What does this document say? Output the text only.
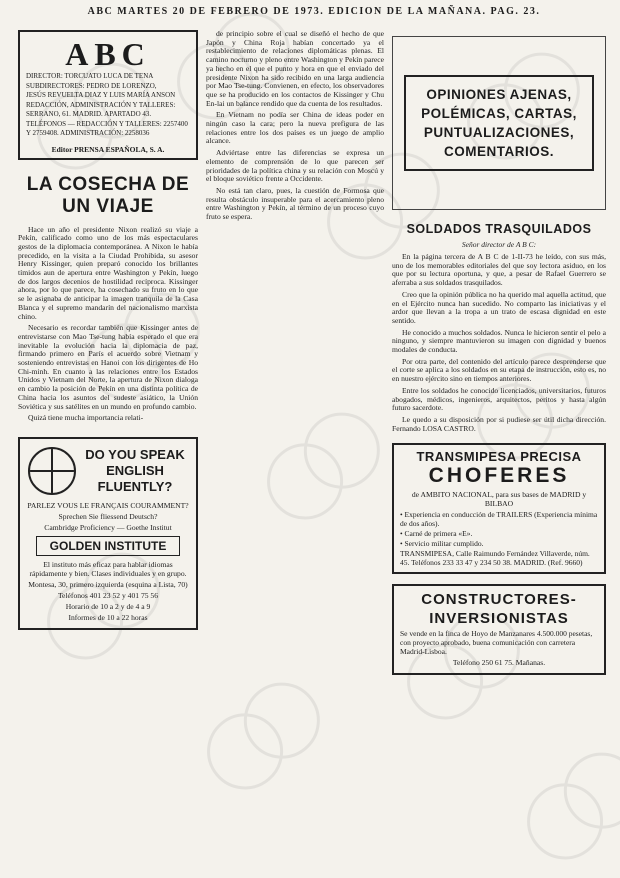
ABC MARTES 20 DE FEBRERO DE 1973. EDICION DE LA MAÑANA. PAG. 23.
ABC
DIRECTOR: TORCUATO LUCA DE TENA
SUBDIRECTORES: PEDRO DE LORENZO,
JESÚS REVUELTA DIAZ Y LUIS MARÍA ANSON
REDACCIÓN, ADMINISTRACIÓN Y TALLERES: SERRANO, 61. MADRID. APARTADO 43.
TELÉFONOS — REDACCIÓN Y TALLERES: 2257400 Y 2759408. ADMINISTRACIÓN: 2258036
Editor PRENSA ESPAÑOLA, S. A.
LA COSECHA DE UN VIAJE

Hace un año el presidente Nixon realizó su viaje a Pekín, calificado como uno de los más espectaculares gestos de la diplomacia contemporánea. A Nixon le había precedido, en la visita a la Ciudad Prohibida, su asesor Henry Kissinger, quien preparó conocido los brillantes tímidos aun de apertura entre Washington y Pekín, luego de dos largos decenios de hostilidad recíproca. Kissinger ahora, por lo que parece, ha cosechado su fruto en lo que se le asignaba de anticipar la imagen tranquila de la Casa Blanca y el supremo mandarín del nacionalismo marxista chino.

Necesario es recordar también que Kissinger antes de entrevistarse con Mao Tse-tung había esperado el que era inevitable la evolución hacia la diplomacia de paz, firmando primero en París el acuerdo sobre Vietnam y sosteniendo entrevistas en Hanoi con los dirigentes de Ho Chi-minh. En cuanto a las relaciones entre los Estados Unidos y Vietnam del Norte, la apertura de Nixon dialoga en cambio la posición de Pekín en una distinta política de China hacia los asuntos del sudeste asiático, la Unión Soviética y sus satélites en un mundo en profundo cambio.

Quizá tiene mucha importancia relati-

DO YOU SPEAK ENGLISH FLUENTLY?
PARLEZ VOUS LE FRANÇAIS COURAMMENT?
Sprechen Sie fliessend Deutsch?
Cambridge Proficiency — Goethe Institut
GOLDEN INSTITUTE
El instituto más eficaz para hablar idiomas rápidamente y bien. Clases individuales y en grupo.
Montesa, 30, primero izquierda (esquina a Lista, 70)
Teléfonos 401 23 52 y 401 75 56
Horario de 10 a 2 y de 4 a 9
Informes de 10 a 22 horas

de principio sobre el cual se diseñó el hecho de que Japón y China Roja habían concertado ya el restablecimiento de relaciones diplomáticas plenas. El camino nocturno y pleno entre Washington y Pekín parece ya hecho en el que el punto y hora en que el enviado del presidente Nixon ha sido recibido en una larga audiencia por Mao Tse-tung. Convienen, en efecto, los observadores que se ha producido en los contactos de Kissinger y Chu En-lai un balance rendido que da cuenta de los resultados.

En Vietnam no podía ser China de ideas poder en ningún caso la cara; pero la nueva prefigura de las relaciones entre los dos países es un juego de amplio alcance.

Adviértase entre las diferencias se expresa un elemento de comprensión de lo que parecen ser prioridades de la política china y su relación con Moscú y el bloque soviético frente a Occidente.

No está tan claro, pues, la cuestión de Formosa que resulta obstáculo insuperable para el acercamiento pleno entre Washington y Pekín, al término de un proceso cuyo fruto se espera.

OPINIONES AJENAS, POLÉMICAS, CARTAS, PUNTUALIZACIONES, COMENTARIOS.
SOLDADOS TRASQUILADOS
Señor director de A B C:

En la página tercera de A B C de 1-II-73 he leído, con sus más, uno de los memorables editoriales del que soy lectora asiduo, en los que por su lectura oportuna, y que, a pesar de Rafael Guerrero se aferraba a sus soldados trasquilados.

Creo que la opinión pública no ha querido mal aquella actitud, que en el Ejército nunca han sucedido. No comparto las iniciativas y el ardor que llevan a la tropa a un trato de escasa dignidad en este sentido.

He conocido a muchos soldados. Nunca le hicieron sentir el pelo a ninguno, y siempre mantuvieron su imagen con dignidad y buenos modales de conducta.

Por otra parte, del contenido del artículo parece desprenderse que el corte se aplica a los soldados en su etapa de instrucción, esto es, no en nuestro ejército sino en tiempos anteriores.

Entre los soldados he conocido licenciados, universitarios, futuros abogados, médicos, ingenieros, arquitectos, peritos y hasta algún futuro sacerdote.

Le quedo a su disposición por si pudiese ser útil dicha dirección. Fernando LOSA CASTRO.

TRANSMIPESA PRECISA
CHOFERES
de AMBITO NACIONAL, para sus bases de MADRID y BILBAO
• Experiencia en conducción de TRAILERS (Experiencia mínima de dos años).
• Carné de primera «E».
• Servicio militar cumplido.
TRANSMIPESA, Calle Raimundo Fernández Villaverde, núm. 45. Teléfonos 233 33 47 y 234 50 38. MADRID. (Ref. 9660)
CONSTRUCTORES-INVERSIONISTAS
Se vende en la finca de Hoyo de Manzanares 4.500.000 pesetas, con proyecto aprobado, buena comunicación con carretera Madrid-Lisboa.
Teléfono 250 61 75. Mañanas.
